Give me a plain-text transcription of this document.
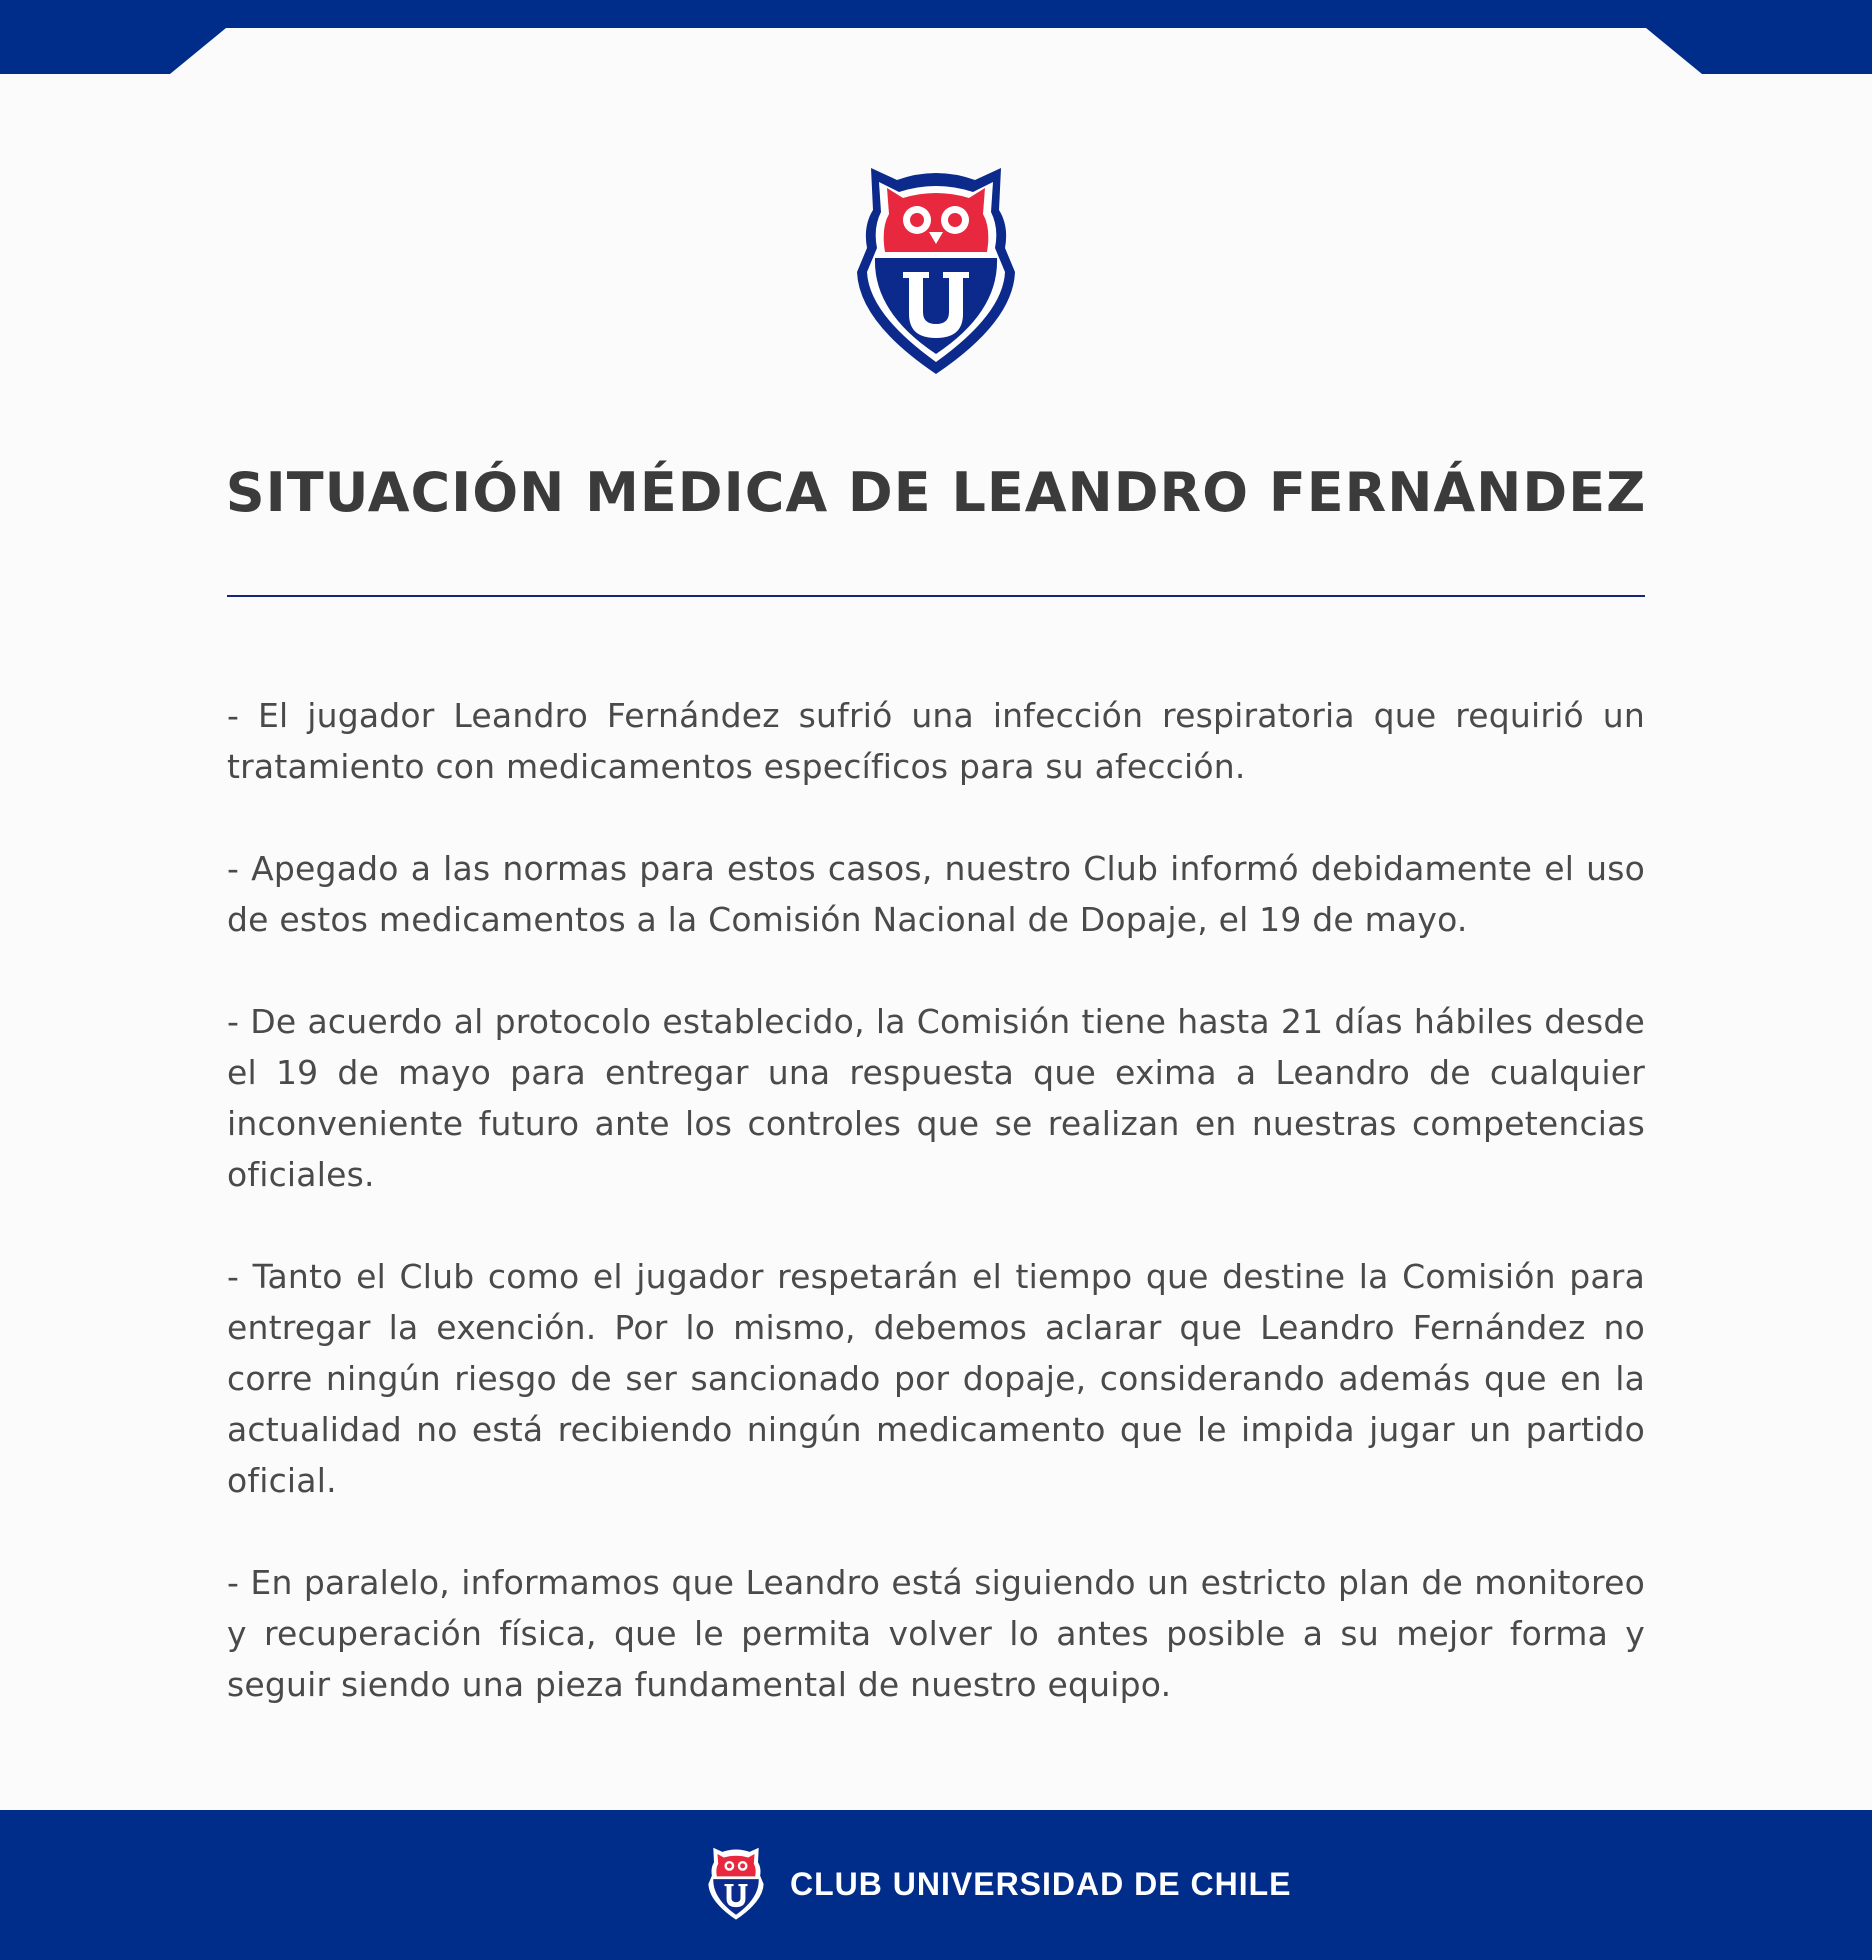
SITUACIÓN MÉDICA DE LEANDRO FERNÁNDEZ

- El jugador Leandro Fernández sufrió una infección respiratoria que requirió un tratamiento con medicamentos específicos para su afección.

- Apegado a las normas para estos casos, nuestro Club informó debidamente el uso de estos medicamentos a la Comisión Nacional de Dopaje, el 19 de mayo.

- De acuerdo al protocolo establecido, la Comisión tiene hasta 21 días hábiles desde el 19 de mayo para entregar una respuesta que exima a Leandro de cualquier inconveniente futuro ante los controles que se realizan en nuestras competencias oficiales.

- Tanto el Club como el jugador respetarán el tiempo que destine la Comisión para entregar la exención. Por lo mismo, debemos aclarar que Leandro Fernández no corre ningún riesgo de ser sancionado por dopaje, considerando además que en la actualidad no está recibiendo ningún medicamento que le impida jugar un partido oficial.

- En paralelo, informamos que Leandro está siguiendo un estricto plan de monitoreo y recuperación física, que le permita volver lo antes posible a su mejor forma y seguir siendo una pieza fundamental de nuestro equipo.

CLUB UNIVERSIDAD DE CHILE
